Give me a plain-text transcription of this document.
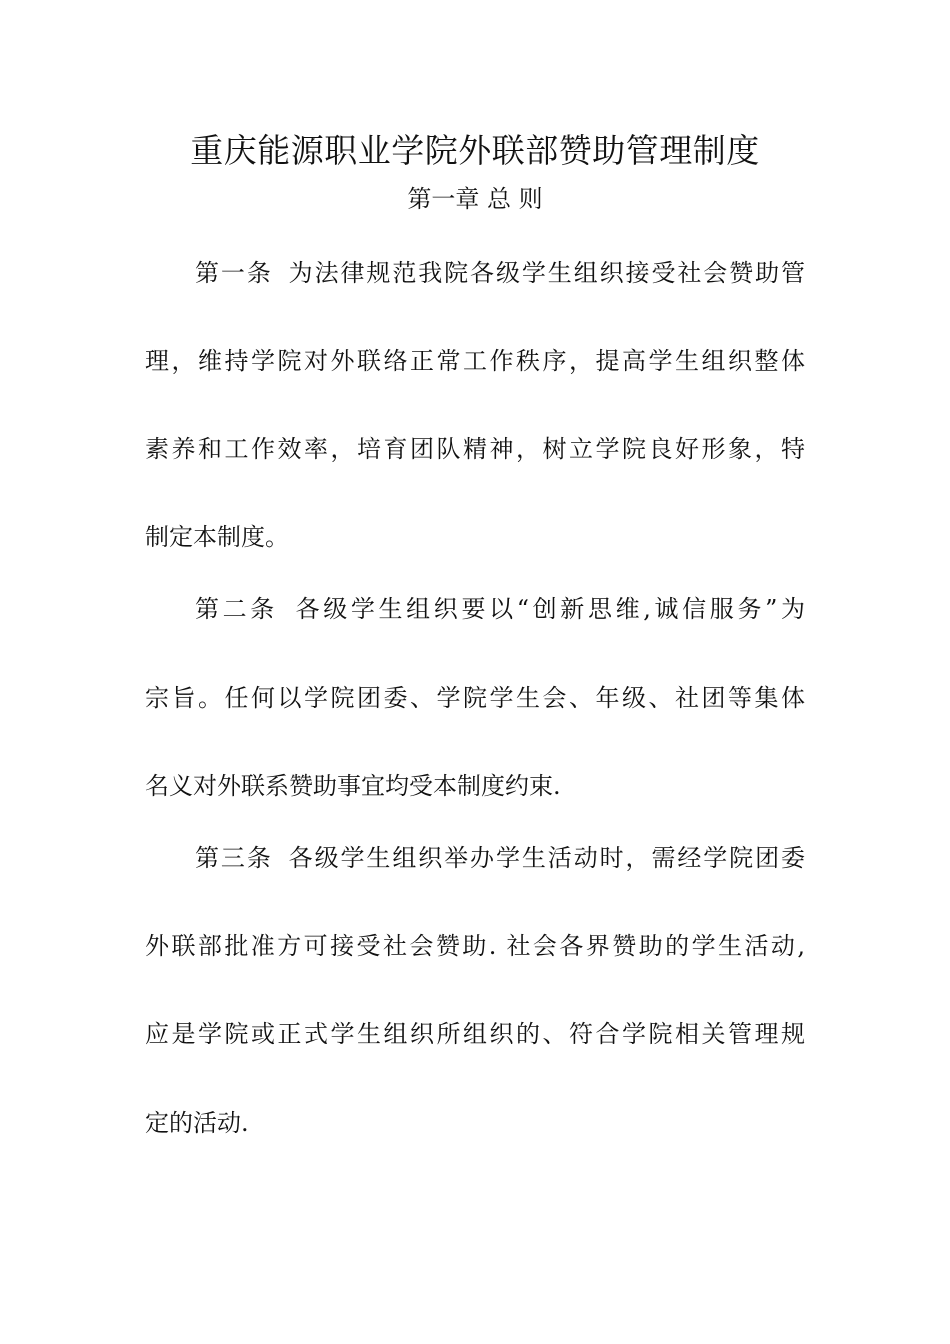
重庆能源职业学院外联部赞助管理制度
第一章 总 则
第一条 为法律规范我院各级学生组织接受社会赞助管
理，维持学院对外联络正常工作秩序，提高学生组织整体
素养和工作效率，培育团队精神，树立学院良好形象，特
制定本制度。
第二条 各级学生组织要以“创新思维,诚信服务”为
宗旨。任何以学院团委、学院学生会、年级、社团等集体
名义对外联系赞助事宜均受本制度约束.
第三条 各级学生组织举办学生活动时，需经学院团委
外联部批准方可接受社会赞助. 社会各界赞助的学生活动,
应是学院或正式学生组织所组织的、符合学院相关管理规
定的活动.
